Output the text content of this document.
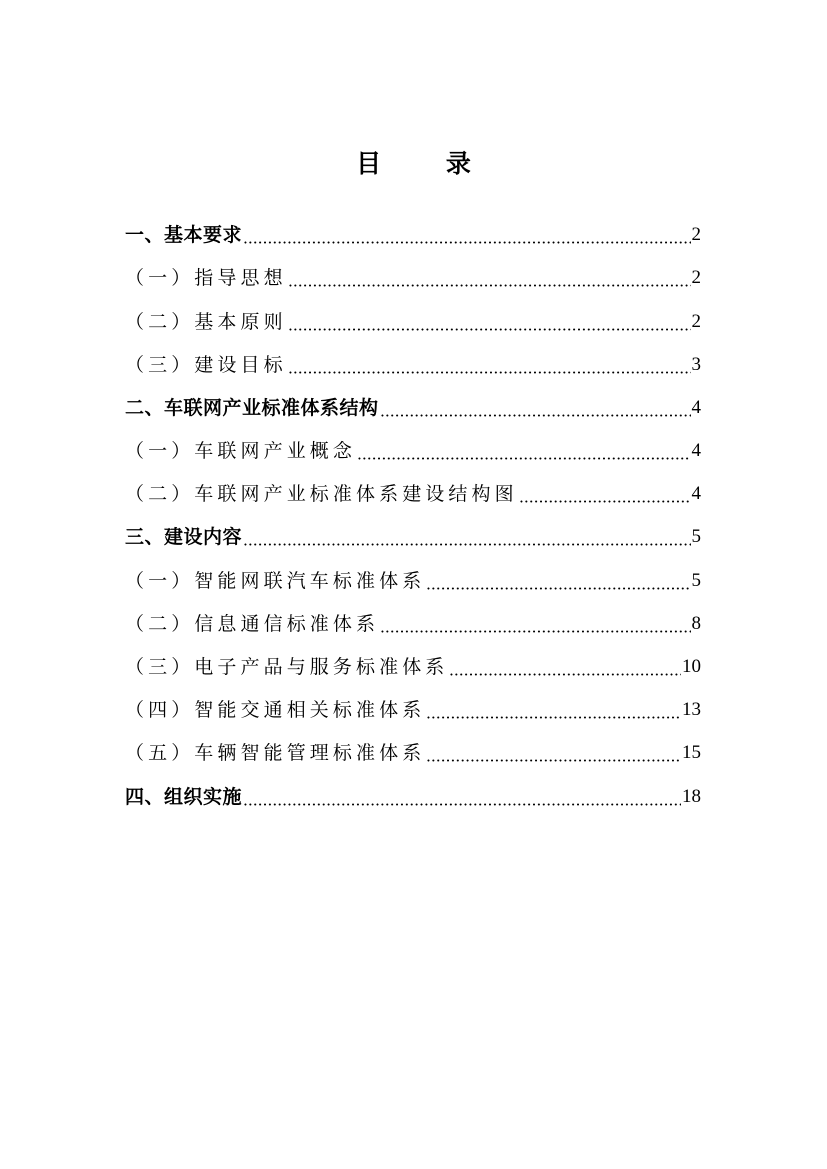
目 录
一、基本要求	2
（一）指导思想	2
（二）基本原则	2
（三）建设目标	3
二、车联网产业标准体系结构	4
（一）车联网产业概念	4
（二）车联网产业标准体系建设结构图	4
三、建设内容	5
（一）智能网联汽车标准体系	5
（二）信息通信标准体系	8
（三）电子产品与服务标准体系	10
（四）智能交通相关标准体系	13
（五）车辆智能管理标准体系	15
四、组织实施	18
